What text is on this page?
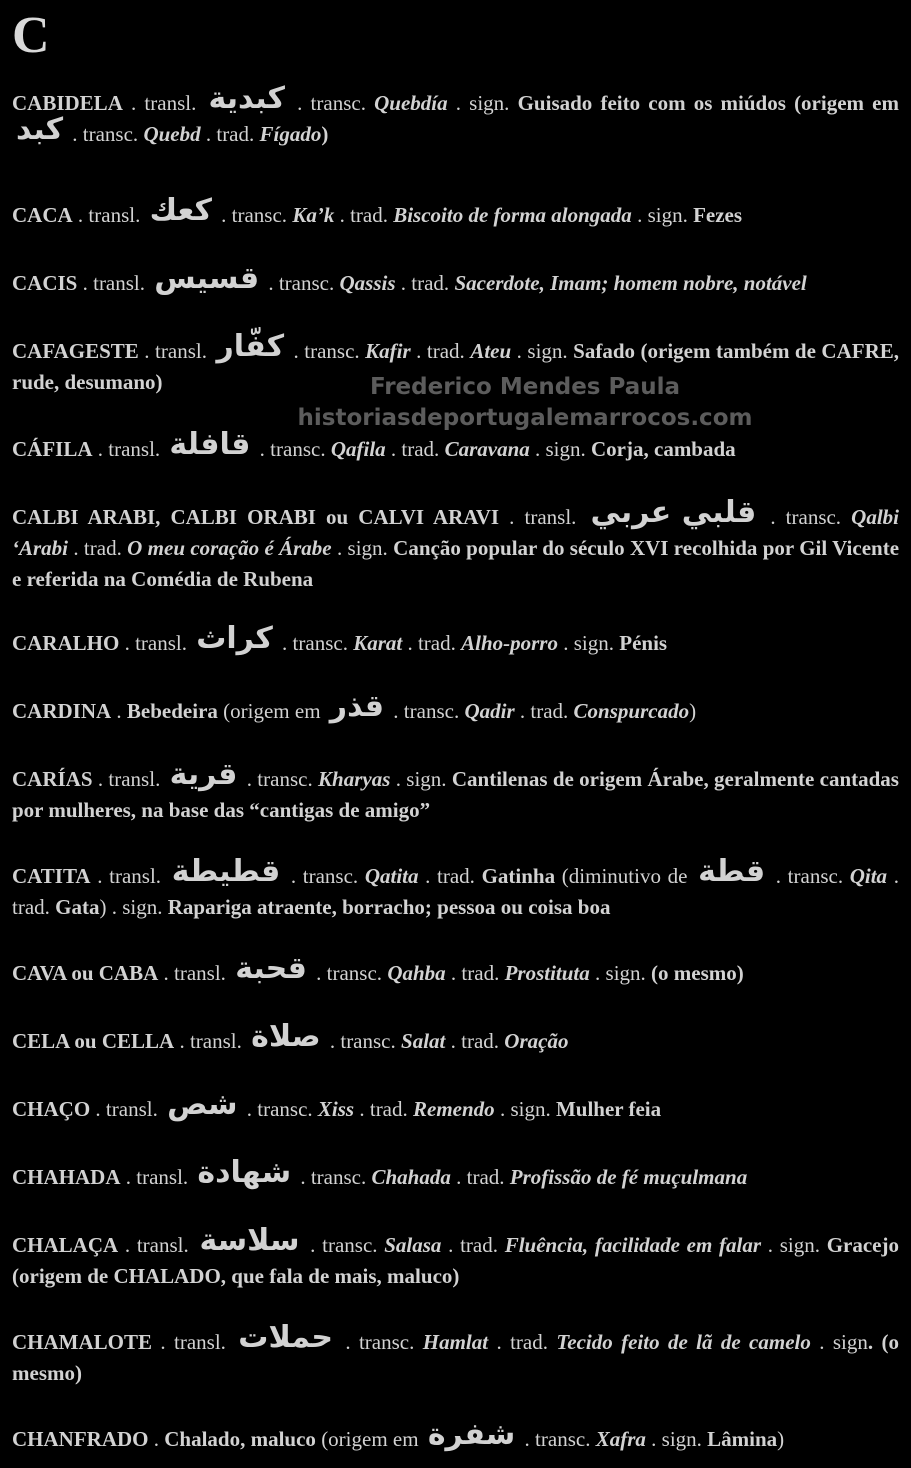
C
Frederico Mendes Paula
historiasdeportugalemarrocos.com
CABIDELA . transl. كبدية . transc. Quebdía . sign. Guisado feito com os miúdos (origem em كبد . transc. Quebd . trad. Fígado)
CACA . transl. كعك . transc. Ka’k . trad. Biscoito de forma alongada . sign. Fezes
CACIS . transl. قسيس . transc. Qassis . trad. Sacerdote, Imam; homem nobre, notável
CAFAGESTE . transl. كفّار . transc. Kafir . trad. Ateu . sign. Safado (origem também de CAFRE, rude, desumano)
CÁFILA . transl. قافلة . transc. Qafila . trad. Caravana . sign. Corja, cambada
CALBI ARABI, CALBI ORABI ou CALVI ARAVI . transl. قلبي عربي . transc. Qalbi ‘Arabi . trad. O meu coração é Árabe . sign. Canção popular do século XVI recolhida por Gil Vicente e referida na Comédia de Rubena
CARALHO . transl. كراث . transc. Karat . trad. Alho-porro . sign. Pénis
CARDINA . Bebedeira (origem em قذر . transc. Qadir . trad. Conspurcado)
CARÍAS . transl. قرية . transc. Kharyas . sign. Cantilenas de origem Árabe, geralmente cantadas por mulheres, na base das “cantigas de amigo”
CATITA . transl. قطيطة . transc. Qatita . trad. Gatinha (diminutivo de قطة . transc. Qita . trad. Gata) . sign. Rapariga atraente, borracho; pessoa ou coisa boa
CAVA ou CABA . transl. قحبة . transc. Qahba . trad. Prostituta . sign. (o mesmo)
CELA ou CELLA . transl. صلاة . transc. Salat . trad. Oração
CHAÇO . transl. شص . transc. Xiss . trad. Remendo . sign. Mulher feia
CHAHADA . transl. شهادة . transc. Chahada . trad. Profissão de fé muçulmana
CHALAÇA . transl. سلاسة . transc. Salasa . trad. Fluência, facilidade em falar . sign. Gracejo (origem de CHALADO, que fala de mais, maluco)
CHAMALOTE . transl. حملات . transc. Hamlat . trad. Tecido feito de lã de camelo . sign. (o mesmo)
CHANFRADO . Chalado, maluco (origem em شفرة . transc. Xafra . sign. Lâmina)
